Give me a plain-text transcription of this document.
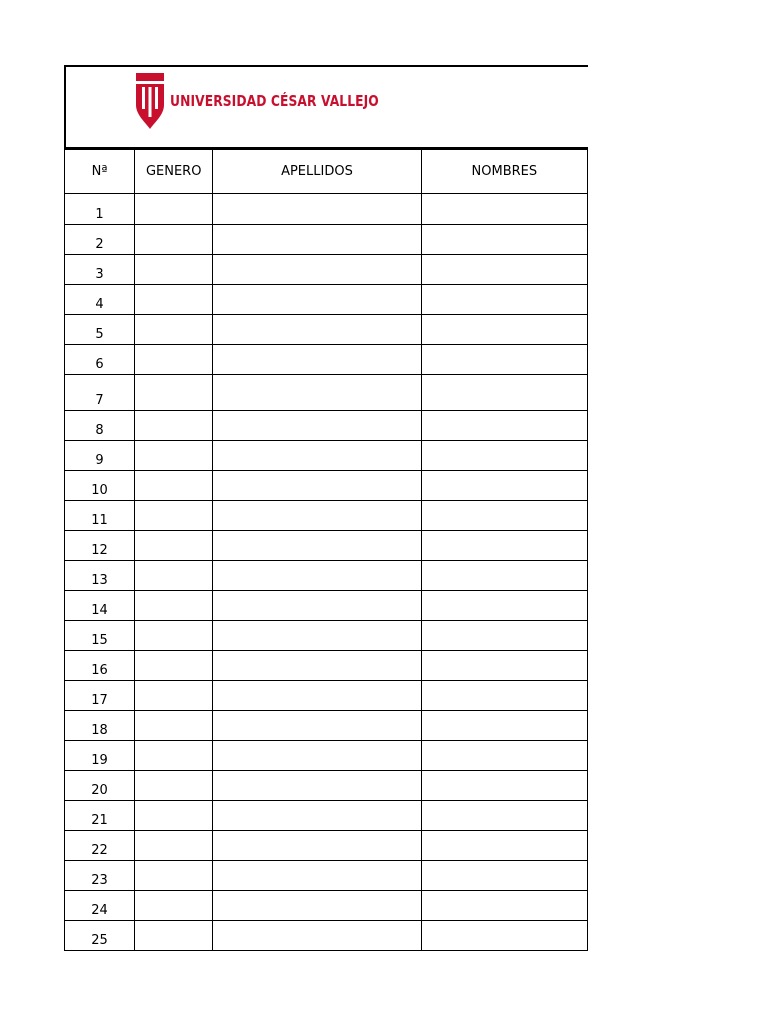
UNIVERSIDAD CÉSAR VALLEJO
Nª	GENERO	APELLIDOS	NOMBRES
1			
2			
3			
4			
5			
6			
7			
8			
9			
10			
11			
12			
13			
14			
15			
16			
17			
18			
19			
20			
21			
22			
23			
24			
25			
